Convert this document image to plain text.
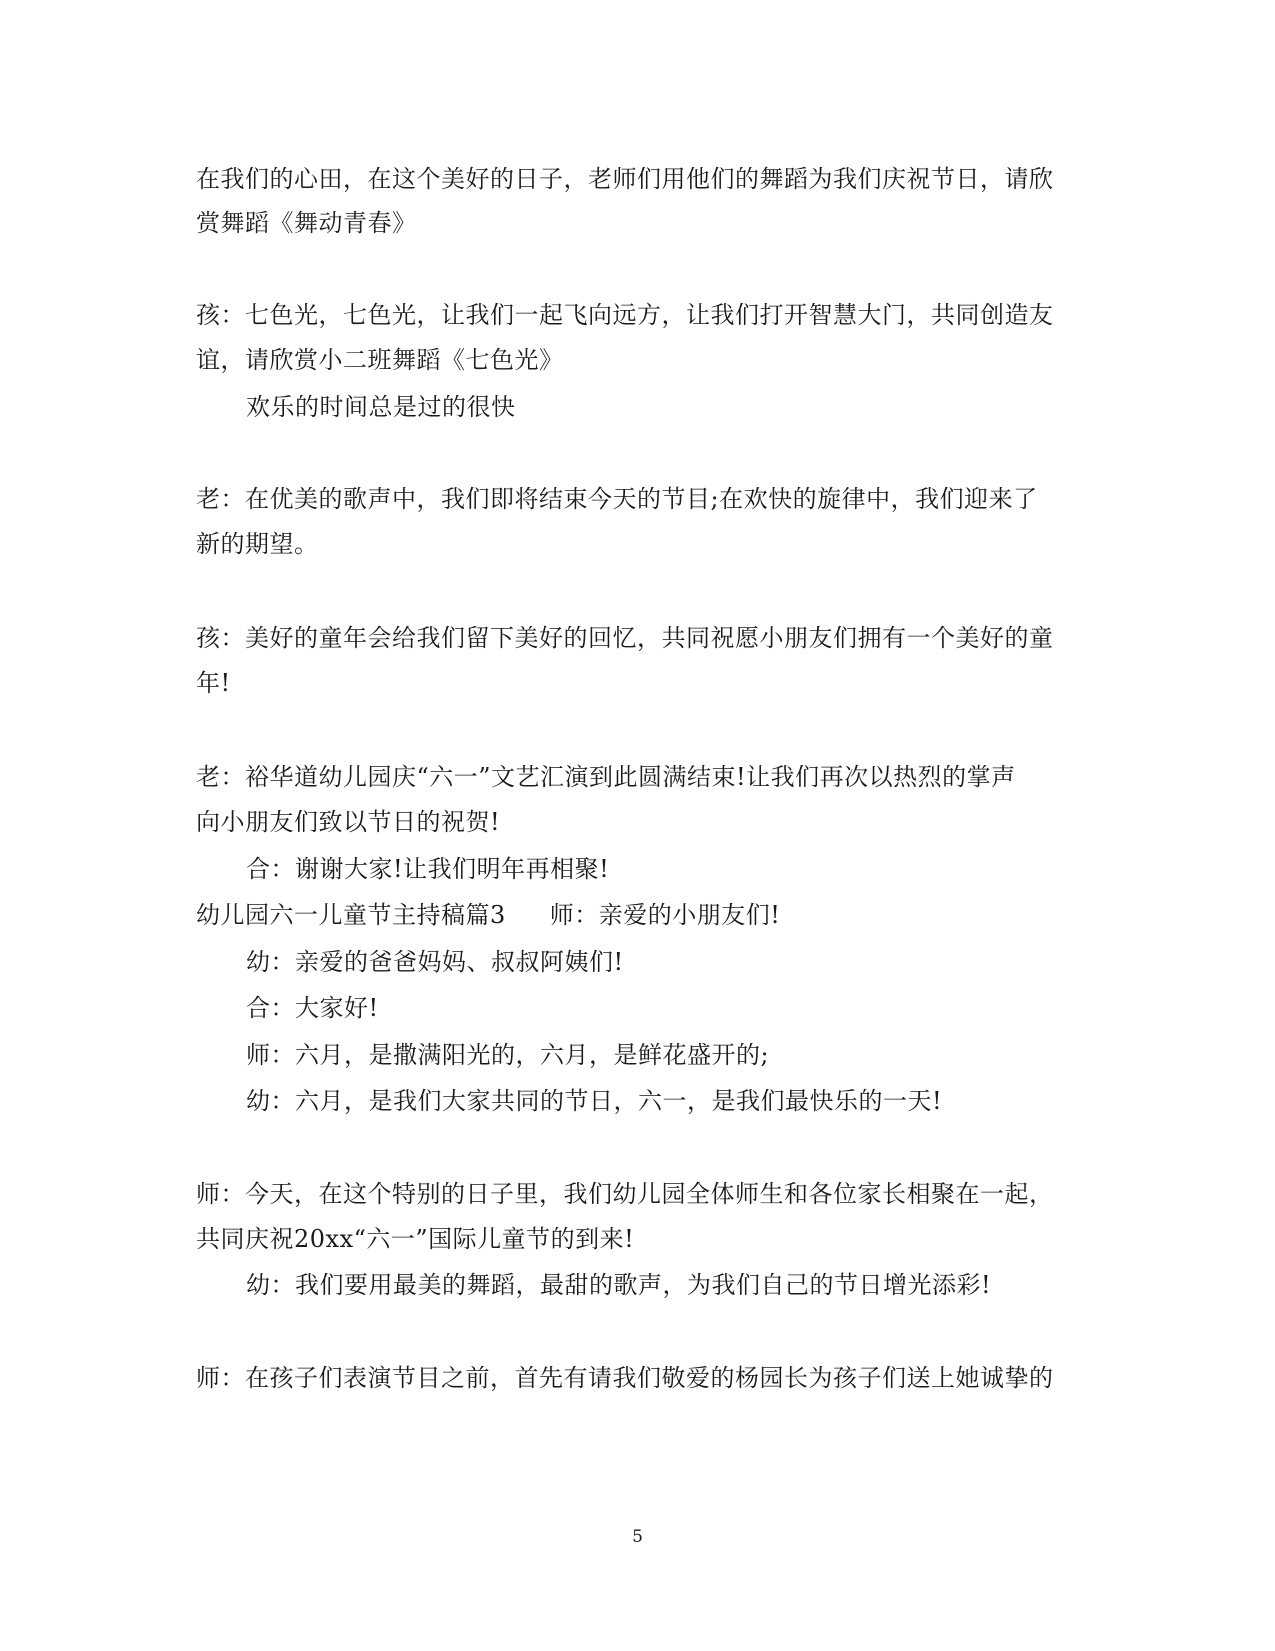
在我们的心田，在这个美好的日子，老师们用他们的舞蹈为我们庆祝节日，请欣
赏舞蹈《舞动青春》
孩：七色光，七色光，让我们一起飞向远方，让我们打开智慧大门，共同创造友
谊，请欣赏小二班舞蹈《七色光》
欢乐的时间总是过的很快
老：在优美的歌声中，我们即将结束今天的节目;在欢快的旋律中，我们迎来了
新的期望。
孩：美好的童年会给我们留下美好的回忆，共同祝愿小朋友们拥有一个美好的童
年!
老：裕华道幼儿园庆“六一”文艺汇演到此圆满结束!让我们再次以热烈的掌声
向小朋友们致以节日的祝贺!
合：谢谢大家!让我们明年再相聚!
幼儿园六一儿童节主持稿篇3 师：亲爱的小朋友们!
幼：亲爱的爸爸妈妈、叔叔阿姨们!
合：大家好!
师：六月，是撒满阳光的，六月，是鲜花盛开的;
幼：六月，是我们大家共同的节日，六一，是我们最快乐的一天!
师：今天，在这个特别的日子里，我们幼儿园全体师生和各位家长相聚在一起，
共同庆祝20xx“六一”国际儿童节的到来!
幼：我们要用最美的舞蹈，最甜的歌声，为我们自己的节日增光添彩!
师：在孩子们表演节目之前，首先有请我们敬爱的杨园长为孩子们送上她诚挚的
5
